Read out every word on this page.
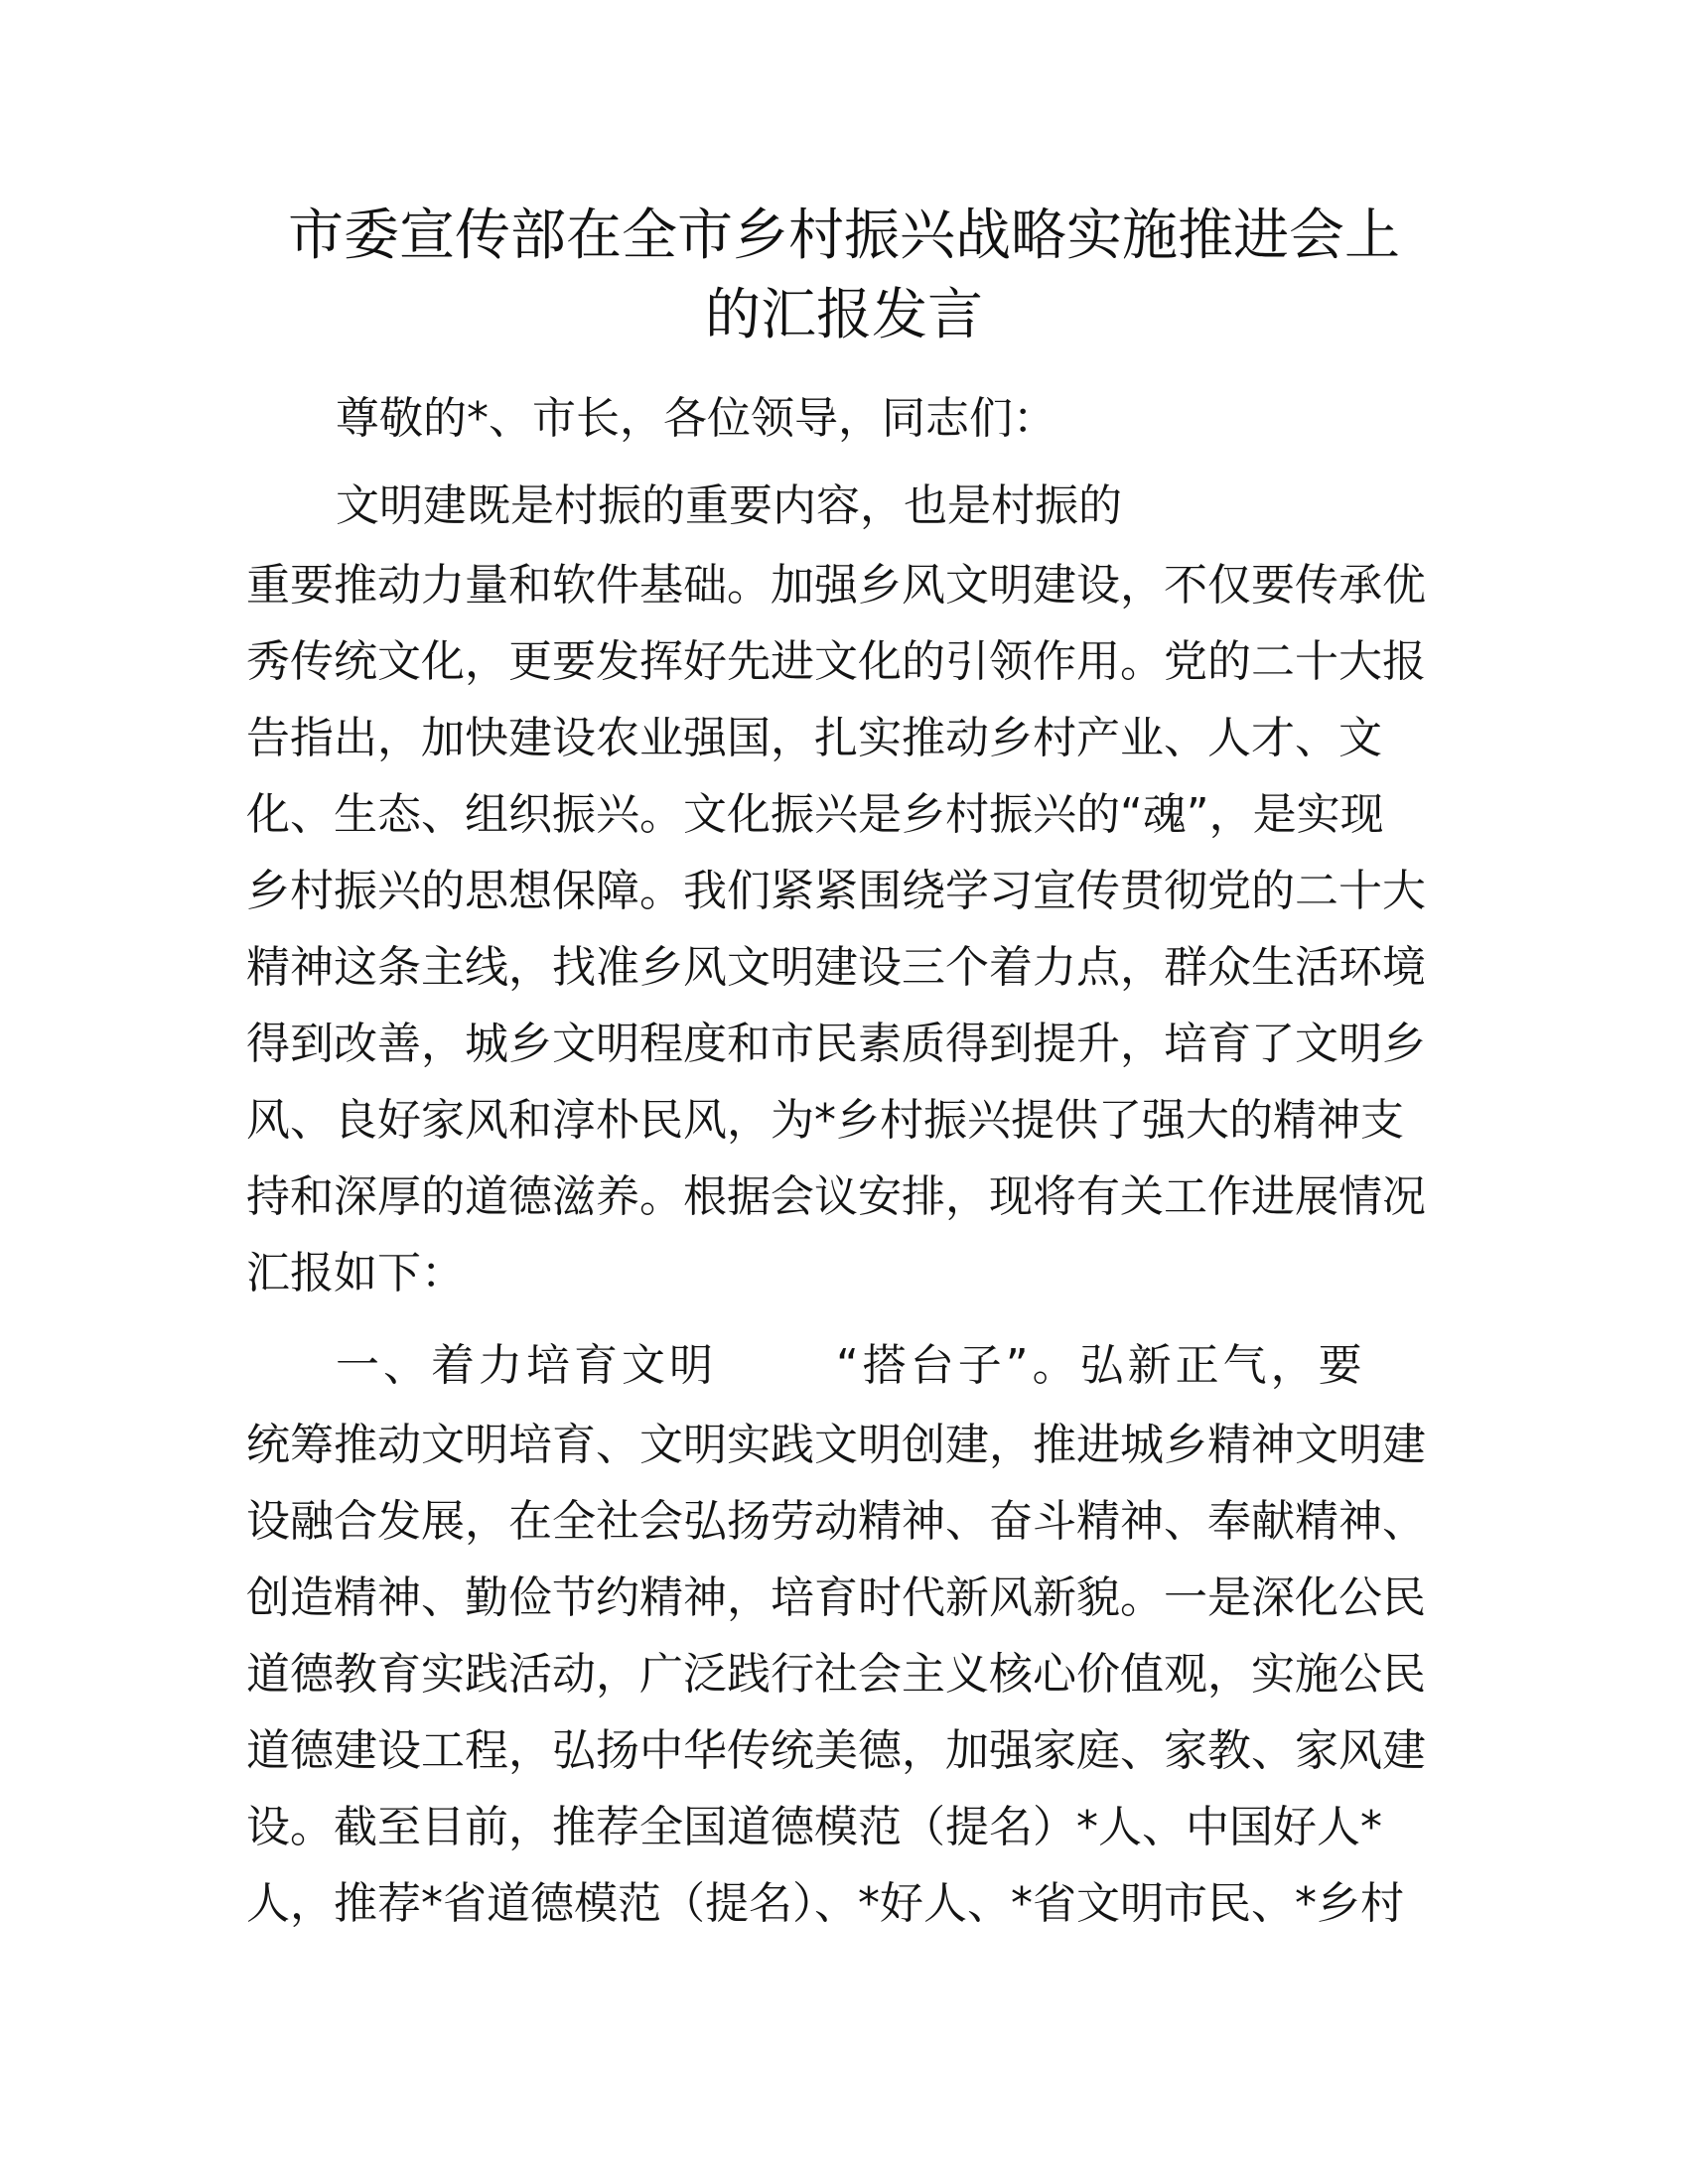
市委宣传部在全市乡村振兴战略实施推进会上
的汇报发言

尊敬的*、市长，各位领导，同志们：

文明建既是村振的重要内容，也是村振的

重要推动力量和软件基础。加强乡风文明建设，不仅要传承优

秀传统文化，更要发挥好先进文化的引领作用。党的二十大报

告指出，加快建设农业强国，扎实推动乡村产业、人才、文

化、生态、组织振兴。文化振兴是乡村振兴的“魂”，是实现

乡村振兴的思想保障。我们紧紧围绕学习宣传贯彻党的二十大

精神这条主线，找准乡风文明建设三个着力点，群众生活环境

得到改善，城乡文明程度和市民素质得到提升，培育了文明乡

风、良好家风和淳朴民风，为*乡村振兴提供了强大的精神支

持和深厚的道德滋养。根据会议安排，现将有关工作进展情况

汇报如下：

一、着力培育文明	“搭台子”。弘新正气，要

统筹推动文明培育、文明实践文明创建，推进城乡精神文明建

设融合发展，在全社会弘扬劳动精神、奋斗精神、奉献精神、

创造精神、勤俭节约精神，培育时代新风新貌。一是深化公民

道德教育实践活动，广泛践行社会主义核心价值观，实施公民

道德建设工程，弘扬中华传统美德，加强家庭、家教、家风建

设。截至目前，推荐全国道德模范（提名）*人、中国好人*

人，推荐*省道德模范（提名）、*好人、*省文明市民、*乡村
